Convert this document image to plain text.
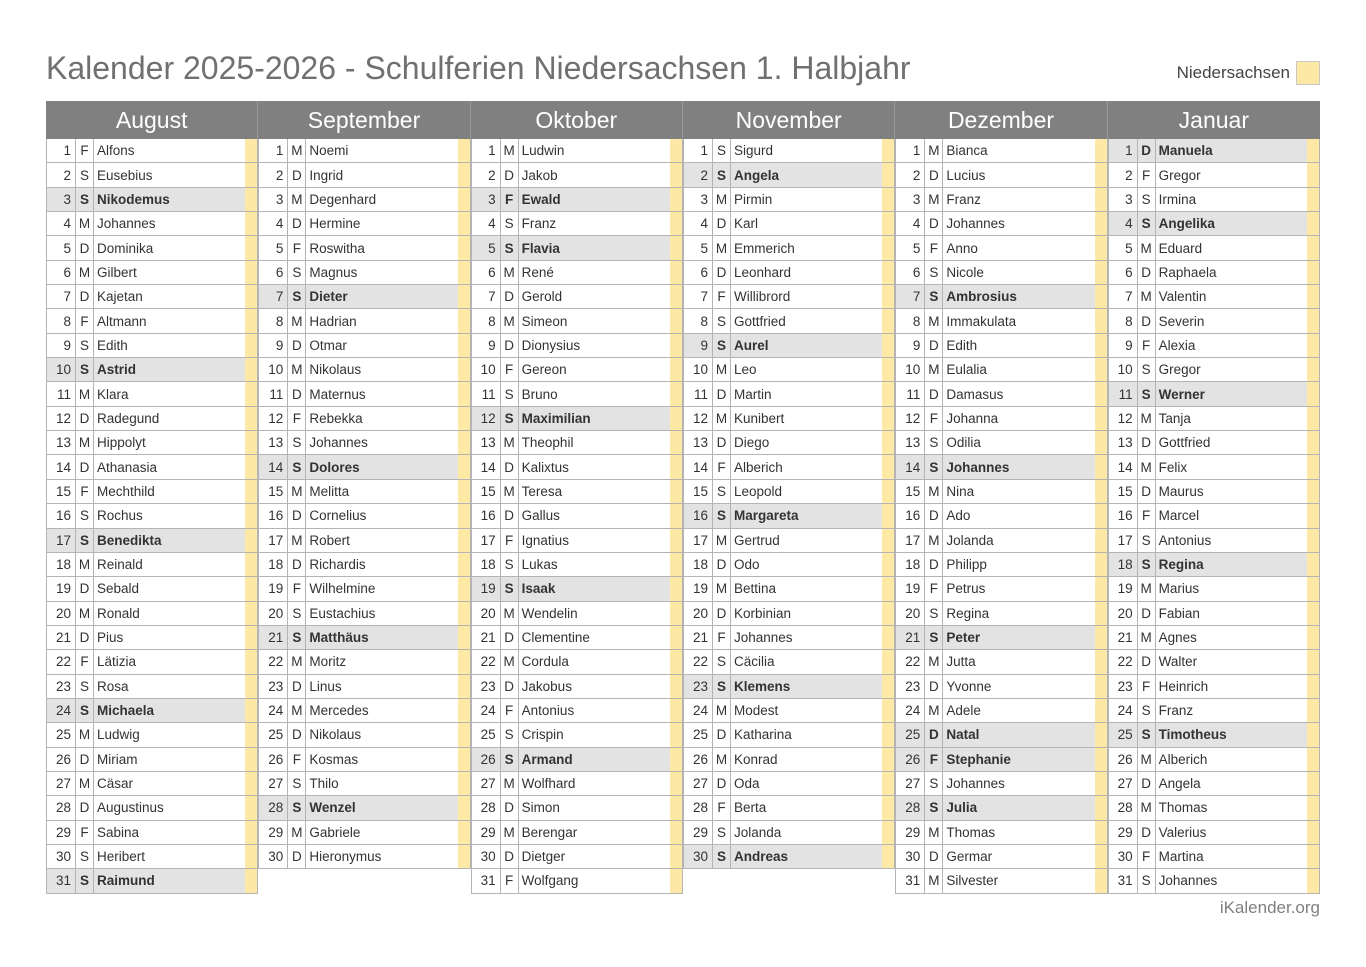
Kalender 2025-2026 - Schulferien Niedersachsen 1. Halbjahr	Niedersachsen
August
1 F Alfons
2 S Eusebius
3 S Nikodemus
4 M Johannes
5 D Dominika
6 M Gilbert
7 D Kajetan
8 F Altmann
9 S Edith
10 S Astrid
11 M Klara
12 D Radegund
13 M Hippolyt
14 D Athanasia
15 F Mechthild
16 S Rochus
17 S Benedikta
18 M Reinald
19 D Sebald
20 M Ronald
21 D Pius
22 F Lätizia
23 S Rosa
24 S Michaela
25 M Ludwig
26 D Miriam
27 M Cäsar
28 D Augustinus
29 F Sabina
30 S Heribert
31 S Raimund
September
1 M Noemi
2 D Ingrid
3 M Degenhard
4 D Hermine
5 F Roswitha
6 S Magnus
7 S Dieter
8 M Hadrian
9 D Otmar
10 M Nikolaus
11 D Maternus
12 F Rebekka
13 S Johannes
14 S Dolores
15 M Melitta
16 D Cornelius
17 M Robert
18 D Richardis
19 F Wilhelmine
20 S Eustachius
21 S Matthäus
22 M Moritz
23 D Linus
24 M Mercedes
25 D Nikolaus
26 F Kosmas
27 S Thilo
28 S Wenzel
29 M Gabriele
30 D Hieronymus
Oktober
1 M Ludwin
2 D Jakob
3 F Ewald
4 S Franz
5 S Flavia
6 M René
7 D Gerold
8 M Simeon
9 D Dionysius
10 F Gereon
11 S Bruno
12 S Maximilian
13 M Theophil
14 D Kalixtus
15 M Teresa
16 D Gallus
17 F Ignatius
18 S Lukas
19 S Isaak
20 M Wendelin
21 D Clementine
22 M Cordula
23 D Jakobus
24 F Antonius
25 S Crispin
26 S Armand
27 M Wolfhard
28 D Simon
29 M Berengar
30 D Dietger
31 F Wolfgang
November
1 S Sigurd
2 S Angela
3 M Pirmin
4 D Karl
5 M Emmerich
6 D Leonhard
7 F Willibrord
8 S Gottfried
9 S Aurel
10 M Leo
11 D Martin
12 M Kunibert
13 D Diego
14 F Alberich
15 S Leopold
16 S Margareta
17 M Gertrud
18 D Odo
19 M Bettina
20 D Korbinian
21 F Johannes
22 S Cäcilia
23 S Klemens
24 M Modest
25 D Katharina
26 M Konrad
27 D Oda
28 F Berta
29 S Jolanda
30 S Andreas
Dezember
1 M Bianca
2 D Lucius
3 M Franz
4 D Johannes
5 F Anno
6 S Nicole
7 S Ambrosius
8 M Immakulata
9 D Edith
10 M Eulalia
11 D Damasus
12 F Johanna
13 S Odilia
14 S Johannes
15 M Nina
16 D Ado
17 M Jolanda
18 D Philipp
19 F Petrus
20 S Regina
21 S Peter
22 M Jutta
23 D Yvonne
24 M Adele
25 D Natal
26 F Stephanie
27 S Johannes
28 S Julia
29 M Thomas
30 D Germar
31 M Silvester
Januar
1 D Manuela
2 F Gregor
3 S Irmina
4 S Angelika
5 M Eduard
6 D Raphaela
7 M Valentin
8 D Severin
9 F Alexia
10 S Gregor
11 S Werner
12 M Tanja
13 D Gottfried
14 M Felix
15 D Maurus
16 F Marcel
17 S Antonius
18 S Regina
19 M Marius
20 D Fabian
21 M Agnes
22 D Walter
23 F Heinrich
24 S Franz
25 S Timotheus
26 M Alberich
27 D Angela
28 M Thomas
29 D Valerius
30 F Martina
31 S Johannes
iKalender.org
